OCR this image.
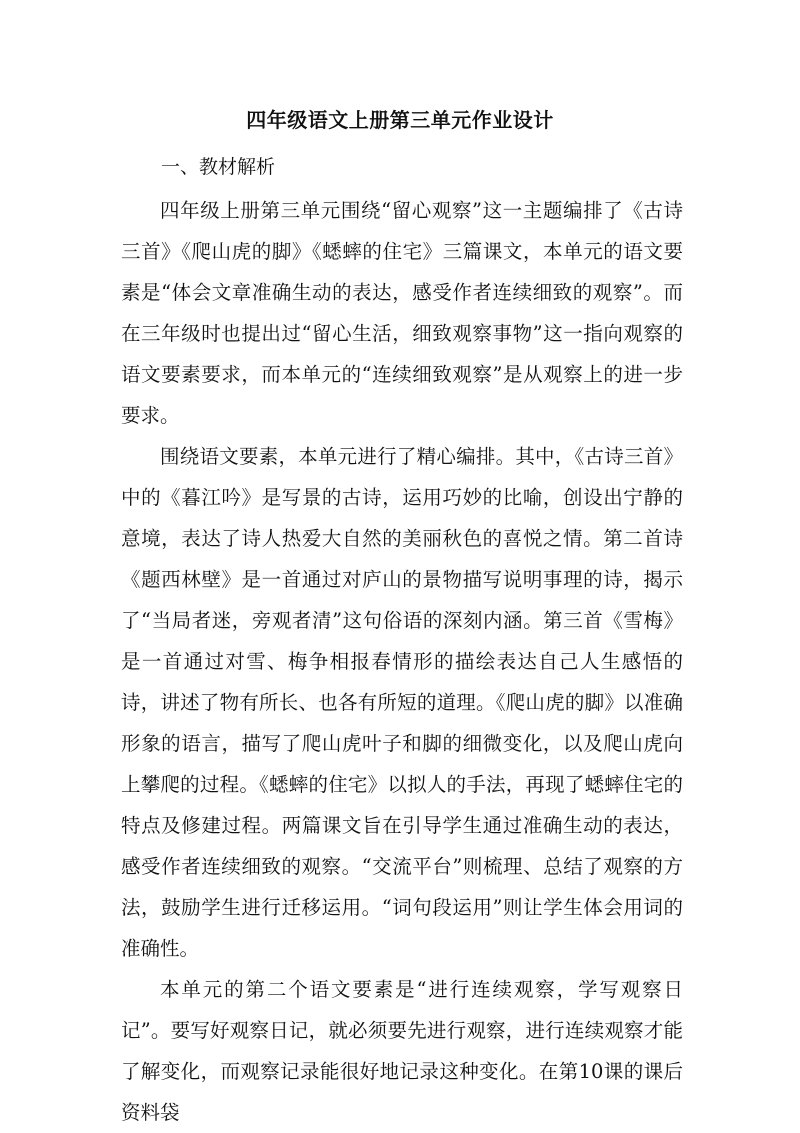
四年级语文上册第三单元作业设计
一、教材解析

四年级上册第三单元围绕“留心观察”这一主题编排了《古诗三首》《爬山虎的脚》《蟋蟀的住宅》三篇课文，本单元的语文要素是“体会文章准确生动的表达，感受作者连续细致的观察”。而在三年级时也提出过“留心生活，细致观察事物”这一指向观察的语文要素要求，而本单元的“连续细致观察”是从观察上的进一步要求。

围绕语文要素，本单元进行了精心编排。其中，《古诗三首》中的《暮江吟》是写景的古诗，运用巧妙的比喻，创设出宁静的意境，表达了诗人热爱大自然的美丽秋色的喜悦之情。第二首诗《题西林壁》是一首通过对庐山的景物描写说明事理的诗，揭示了“当局者迷，旁观者清”这句俗语的深刻内涵。第三首《雪梅》是一首通过对雪、梅争相报春情形的描绘表达自己人生感悟的诗，讲述了物有所长、也各有所短的道理。《爬山虎的脚》以准确形象的语言，描写了爬山虎叶子和脚的细微变化，以及爬山虎向上攀爬的过程。《蟋蟀的住宅》以拟人的手法，再现了蟋蟀住宅的特点及修建过程。两篇课文旨在引导学生通过准确生动的表达，感受作者连续细致的观察。“交流平台”则梳理、总结了观察的方法，鼓励学生进行迁移运用。“词句段运用”则让学生体会用词的准确性。

本单元的第二个语文要素是“进行连续观察，学写观察日记”。要写好观察日记，就必须要先进行观察，进行连续观察才能了解变化，而观察记录能很好地记录这种变化。在第10课的课后资料袋
